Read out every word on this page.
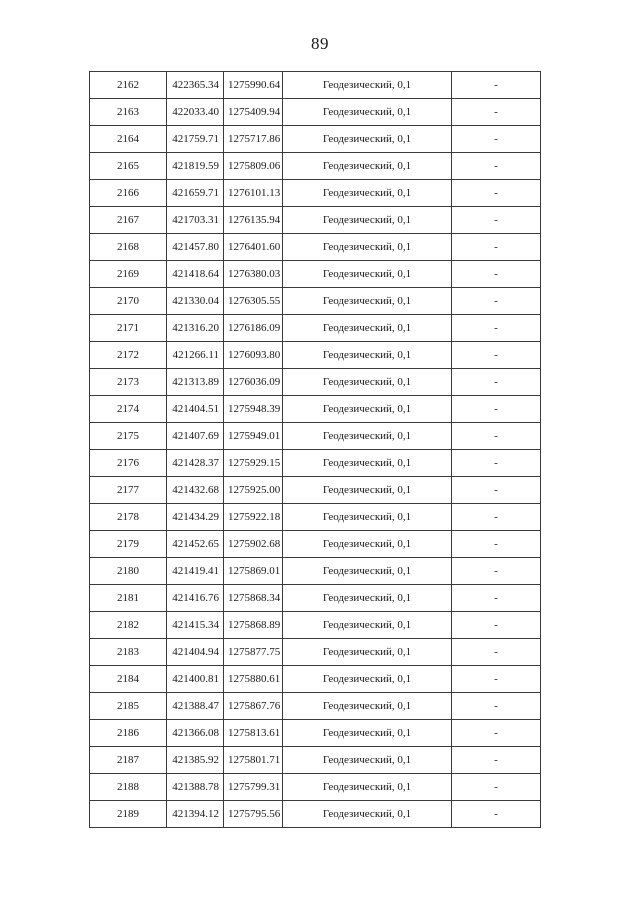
89
2162	422365.34	1275990.64	Геодезический, 0,1	-
2163	422033.40	1275409.94	Геодезический, 0,1	-
2164	421759.71	1275717.86	Геодезический, 0,1	-
2165	421819.59	1275809.06	Геодезический, 0,1	-
2166	421659.71	1276101.13	Геодезический, 0,1	-
2167	421703.31	1276135.94	Геодезический, 0,1	-
2168	421457.80	1276401.60	Геодезический, 0,1	-
2169	421418.64	1276380.03	Геодезический, 0,1	-
2170	421330.04	1276305.55	Геодезический, 0,1	-
2171	421316.20	1276186.09	Геодезический, 0,1	-
2172	421266.11	1276093.80	Геодезический, 0,1	-
2173	421313.89	1276036.09	Геодезический, 0,1	-
2174	421404.51	1275948.39	Геодезический, 0,1	-
2175	421407.69	1275949.01	Геодезический, 0,1	-
2176	421428.37	1275929.15	Геодезический, 0,1	-
2177	421432.68	1275925.00	Геодезический, 0,1	-
2178	421434.29	1275922.18	Геодезический, 0,1	-
2179	421452.65	1275902.68	Геодезический, 0,1	-
2180	421419.41	1275869.01	Геодезический, 0,1	-
2181	421416.76	1275868.34	Геодезический, 0,1	-
2182	421415.34	1275868.89	Геодезический, 0,1	-
2183	421404.94	1275877.75	Геодезический, 0,1	-
2184	421400.81	1275880.61	Геодезический, 0,1	-
2185	421388.47	1275867.76	Геодезический, 0,1	-
2186	421366.08	1275813.61	Геодезический, 0,1	-
2187	421385.92	1275801.71	Геодезический, 0,1	-
2188	421388.78	1275799.31	Геодезический, 0,1	-
2189	421394.12	1275795.56	Геодезический, 0,1	-
